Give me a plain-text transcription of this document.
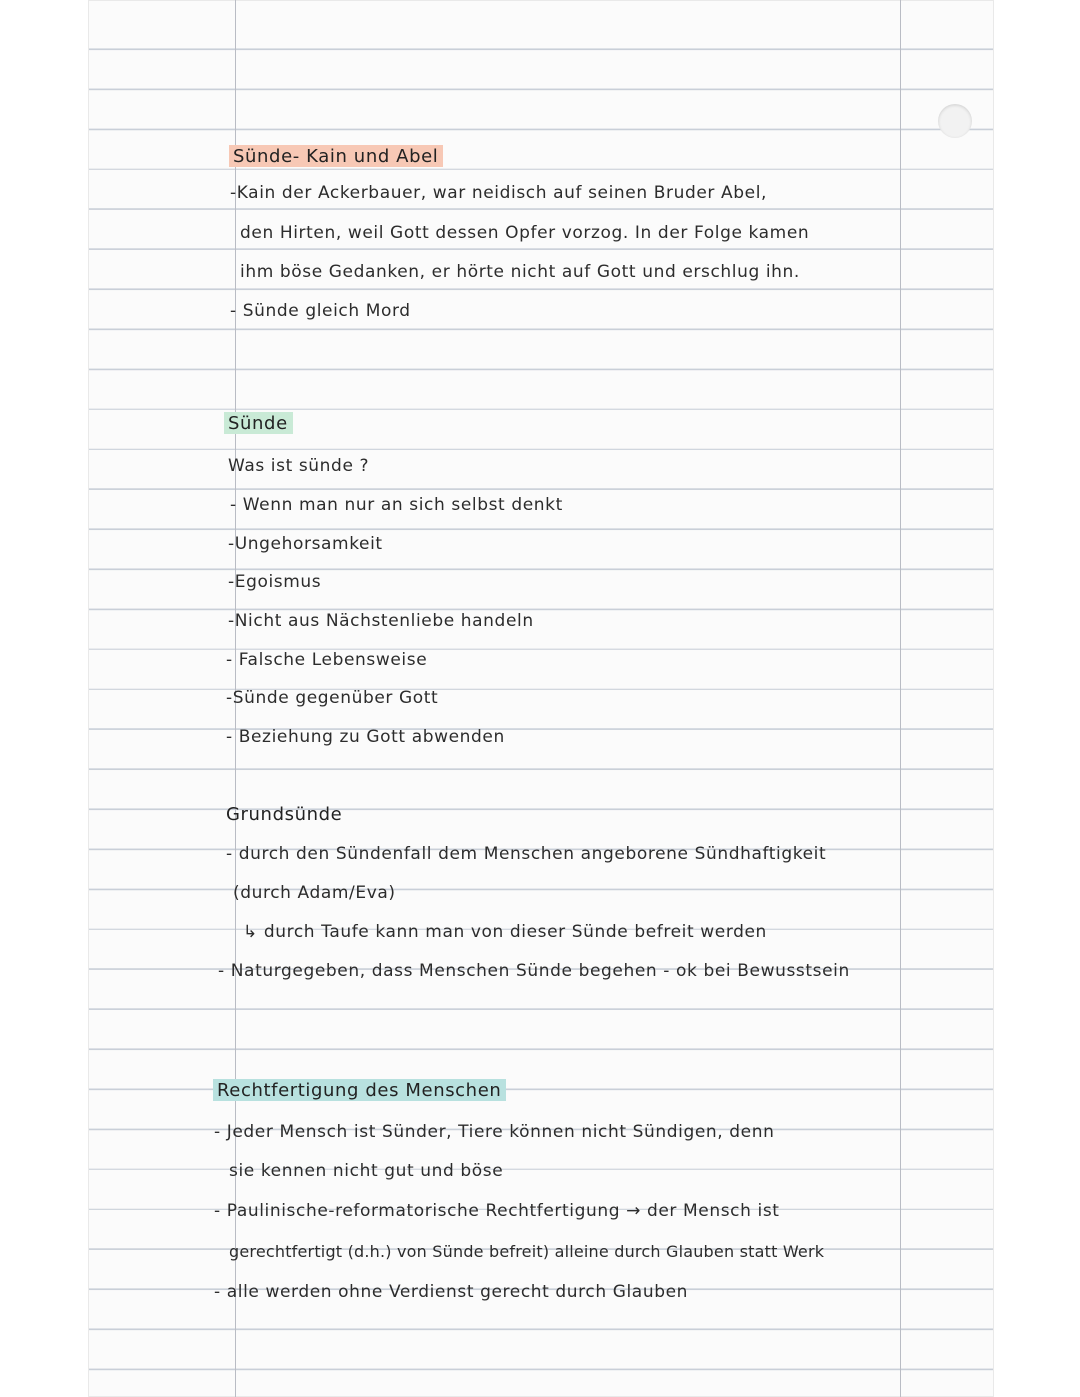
Sünde- Kain und Abel
-Kain der Ackerbauer, war neidisch auf seinen Bruder Abel,
den Hirten, weil Gott dessen Opfer vorzog. In der Folge kamen
ihm böse Gedanken, er hörte nicht auf Gott und erschlug ihn.
- Sünde gleich Mord
Sünde
Was ist sünde ?
- Wenn man nur an sich selbst denkt
-Ungehorsamkeit
-Egoismus
-Nicht aus Nächstenliebe handeln
- Falsche Lebensweise
-Sünde gegenüber Gott
- Beziehung zu Gott abwenden
Grundsünde
- durch den Sündenfall dem Menschen angeborene Sündhaftigkeit
(durch Adam/Eva)
↳ durch Taufe kann man von dieser Sünde befreit werden
- Naturgegeben, dass Menschen Sünde begehen - ok bei Bewusstsein
Rechtfertigung des Menschen
- Jeder Mensch ist Sünder, Tiere können nicht Sündigen, denn
sie kennen nicht gut und böse
- Paulinische-reformatorische Rechtfertigung → der Mensch ist
gerechtfertigt (d.h.) von Sünde befreit) alleine durch Glauben statt Werk
- alle werden ohne Verdienst gerecht durch Glauben
